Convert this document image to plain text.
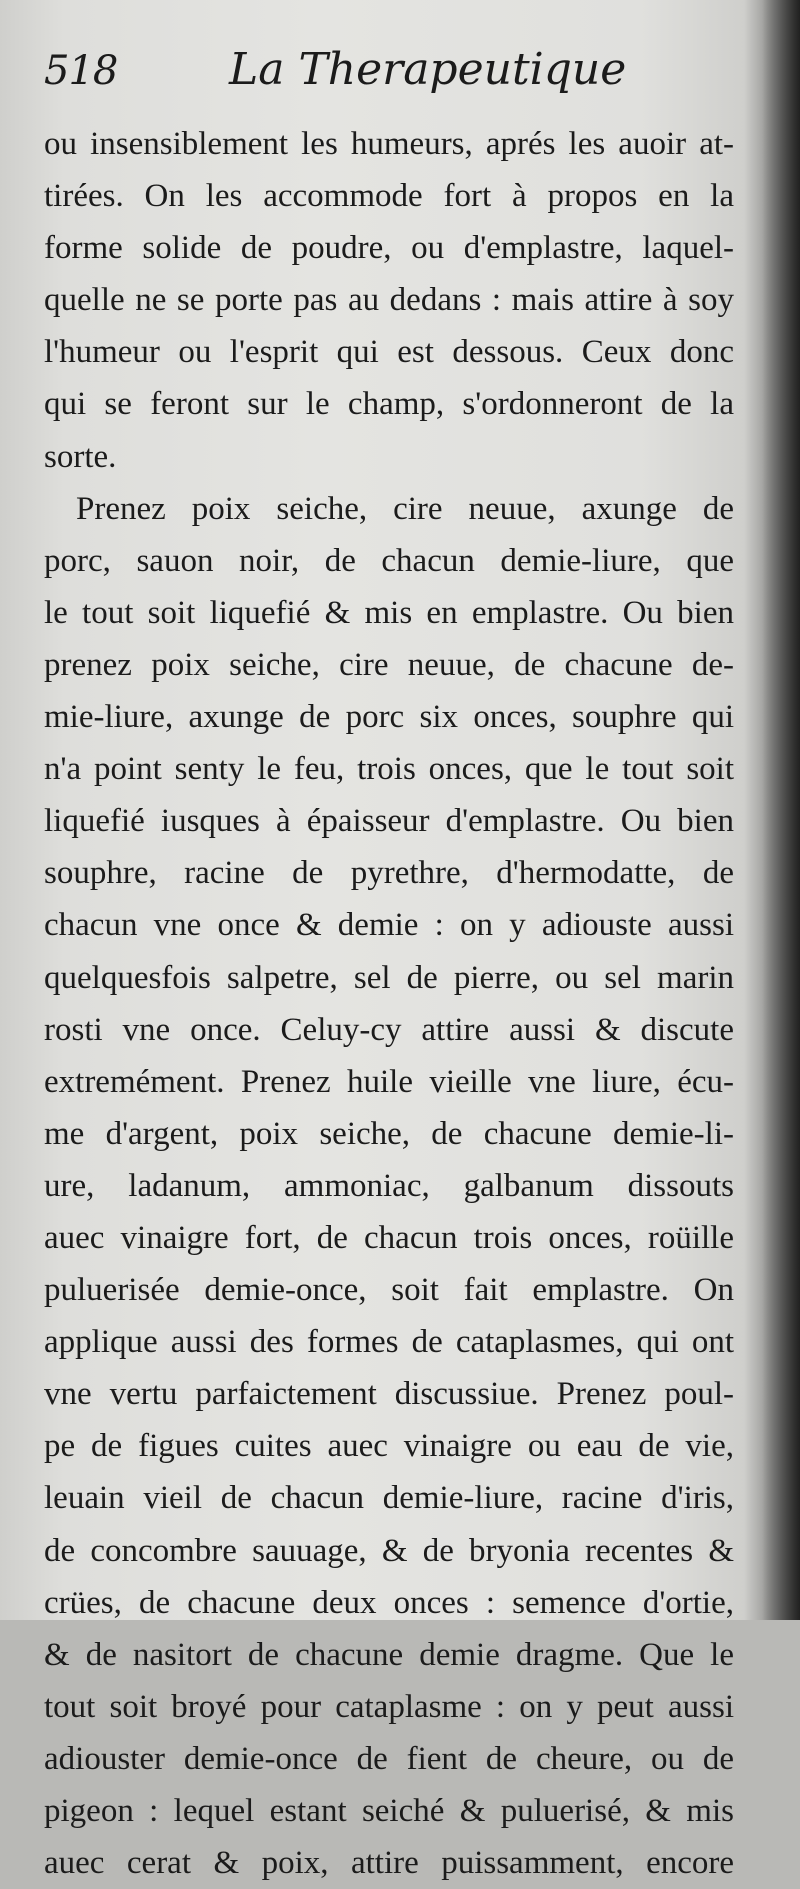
518	La Therapeutique
ou insensiblement les humeurs, aprés les auoir at-
tirées. On les accommode fort à propos en la
forme solide de poudre, ou d'emplastre, laquel-
quelle ne se porte pas au dedans : mais attire à soy
l'humeur ou l'esprit qui est dessous. Ceux donc
qui se feront sur le champ, s'ordonneront de la
sorte.
Prenez poix seiche, cire neuue, axunge de
porc, sauon noir, de chacun demie-liure, que
le tout soit liquefié & mis en emplastre. Ou bien
prenez poix seiche, cire neuue, de chacune de-
mie-liure, axunge de porc six onces, souphre qui
n'a point senty le feu, trois onces, que le tout soit
liquefié iusques à épaisseur d'emplastre. Ou bien
souphre, racine de pyrethre, d'hermodatte, de
chacun vne once & demie : on y adiouste aussi
quelquesfois salpetre, sel de pierre, ou sel marin
rosti vne once. Celuy-cy attire aussi & discute
extremément. Prenez huile vieille vne liure, écu-
me d'argent, poix seiche, de chacune demie-li-
ure, ladanum, ammoniac, galbanum dissouts
auec vinaigre fort, de chacun trois onces, roüille
puluerisée demie-once, soit fait emplastre. On
applique aussi des formes de cataplasmes, qui ont
vne vertu parfaictement discussiue. Prenez poul-
pe de figues cuites auec vinaigre ou eau de vie,
leuain vieil de chacun demie-liure, racine d'iris,
de concombre sauuage, & de bryonia recentes &
crües, de chacune deux onces : semence d'ortie,
& de nasitort de chacune demie dragme. Que le
tout soit broyé pour cataplasme : on y peut aussi
adiouster demie-once de fient de cheure, ou de
pigeon : lequel estant seiché & puluerisé, & mis
auec cerat & poix, attire puissamment, encore
